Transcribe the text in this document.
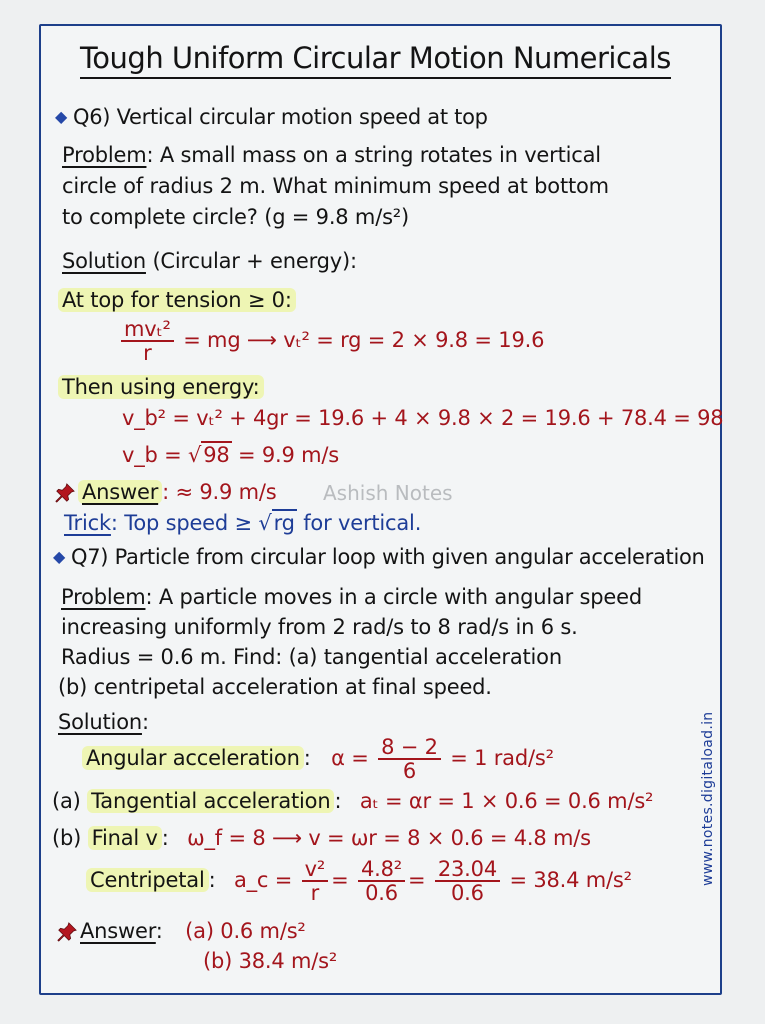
Tough Uniform Circular Motion Numericals
◆ Q6) Vertical circular motion speed at top
Problem: A small mass on a string rotates in vertical
circle of radius 2 m. What minimum speed at bottom
to complete circle? (g = 9.8 m/s²)
Solution (Circular + energy):
At top for tension ≥ 0:
$\frac{\text{mvₜ²}}{r}$ = mg ⟶ vₜ² = rg = 2 × 9.8 = 19.6
Then using energy:
v_b² = vₜ² + 4gr = 19.6 + 4 × 9.8 × 2 = 19.6 + 78.4 = 98
v_b = √98 = 9.9 m/s
Answer : ≈ 9.9 m/s Ashish Notes
Trick: Top speed ≥ √rg for vertical.
◆ Q7) Particle from circular loop with given angular acceleration
Problem: A particle moves in a circle with angular speed
increasing uniformly from 2 rad/s to 8 rad/s in 6 s.
Radius = 0.6 m. Find: (a) tangential acceleration
(b) centripetal acceleration at final speed.
Solution:
Angular acceleration : $\alpha = \frac{8 - 2}{6} = 1$ rad/s²
(a) Tangential acceleration : aₜ = αr = 1 × 0.6 = 0.6 m/s²
(b) Final v : ω_f = 8 ⟶ v = ωr = 8 × 0.6 = 4.8 m/s
Centripetal : a_c = $\frac{\text{v²}}{r} = \frac{\text{4.8²}}{0.6} = \frac{23.04}{0.6} = 38.4$ m/s²
Answer: (a) 0.6 m/s²
(b) 38.4 m/s²
www.notes.digitaload.in
